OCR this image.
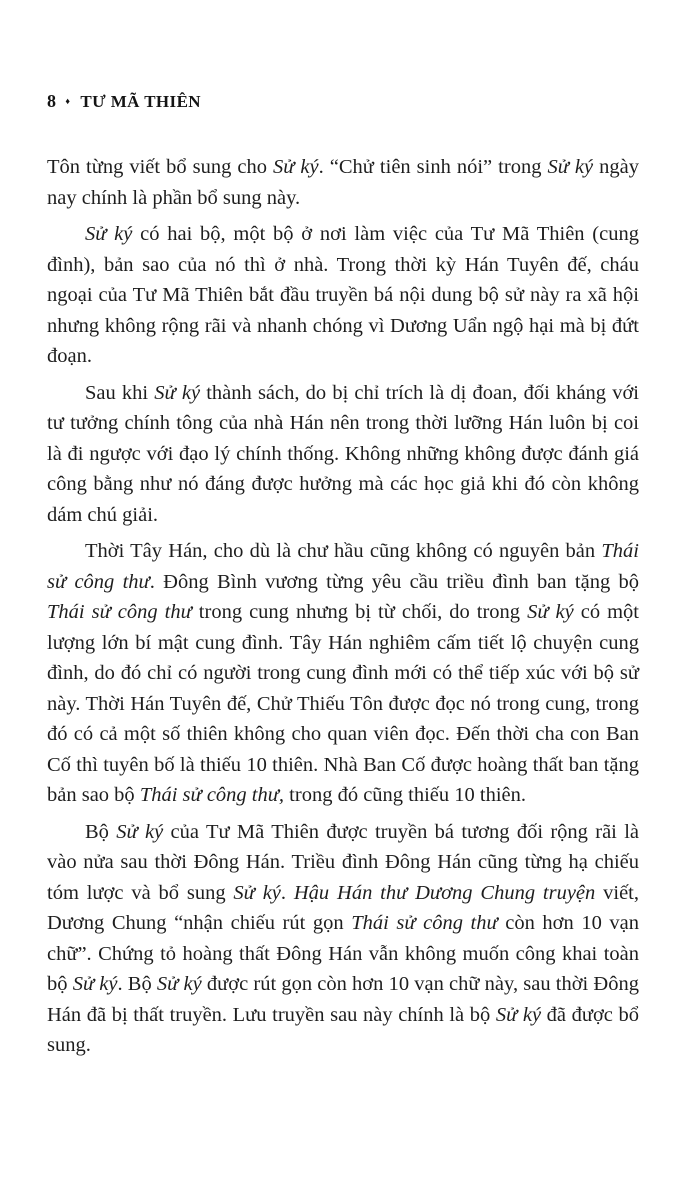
8 ♦ TƯ MÃ THIÊN

Tôn từng viết bổ sung cho Sử ký. “Chử tiên sinh nói” trong Sử ký ngày nay chính là phần bổ sung này.

Sử ký có hai bộ, một bộ ở nơi làm việc của Tư Mã Thiên (cung đình), bản sao của nó thì ở nhà. Trong thời kỳ Hán Tuyên đế, cháu ngoại của Tư Mã Thiên bắt đầu truyền bá nội dung bộ sử này ra xã hội nhưng không rộng rãi và nhanh chóng vì Dương Uẩn ngộ hại mà bị đứt đoạn.

Sau khi Sử ký thành sách, do bị chỉ trích là dị đoan, đối kháng với tư tưởng chính tông của nhà Hán nên trong thời lưỡng Hán luôn bị coi là đi ngược với đạo lý chính thống. Không những không được đánh giá công bằng như nó đáng được hưởng mà các học giả khi đó còn không dám chú giải.

Thời Tây Hán, cho dù là chư hầu cũng không có nguyên bản Thái sử công thư. Đông Bình vương từng yêu cầu triều đình ban tặng bộ Thái sử công thư trong cung nhưng bị từ chối, do trong Sử ký có một lượng lớn bí mật cung đình. Tây Hán nghiêm cấm tiết lộ chuyện cung đình, do đó chỉ có người trong cung đình mới có thể tiếp xúc với bộ sử này. Thời Hán Tuyên đế, Chử Thiếu Tôn được đọc nó trong cung, trong đó có cả một số thiên không cho quan viên đọc. Đến thời cha con Ban Cố thì tuyên bố là thiếu 10 thiên. Nhà Ban Cố được hoàng thất ban tặng bản sao bộ Thái sử công thư, trong đó cũng thiếu 10 thiên.

Bộ Sử ký của Tư Mã Thiên được truyền bá tương đối rộng rãi là vào nửa sau thời Đông Hán. Triều đình Đông Hán cũng từng hạ chiếu tóm lược và bổ sung Sử ký. Hậu Hán thư Dương Chung truyện viết, Dương Chung “nhận chiếu rút gọn Thái sử công thư còn hơn 10 vạn chữ”. Chứng tỏ hoàng thất Đông Hán vẫn không muốn công khai toàn bộ Sử ký. Bộ Sử ký được rút gọn còn hơn 10 vạn chữ này, sau thời Đông Hán đã bị thất truyền. Lưu truyền sau này chính là bộ Sử ký đã được bổ sung.
